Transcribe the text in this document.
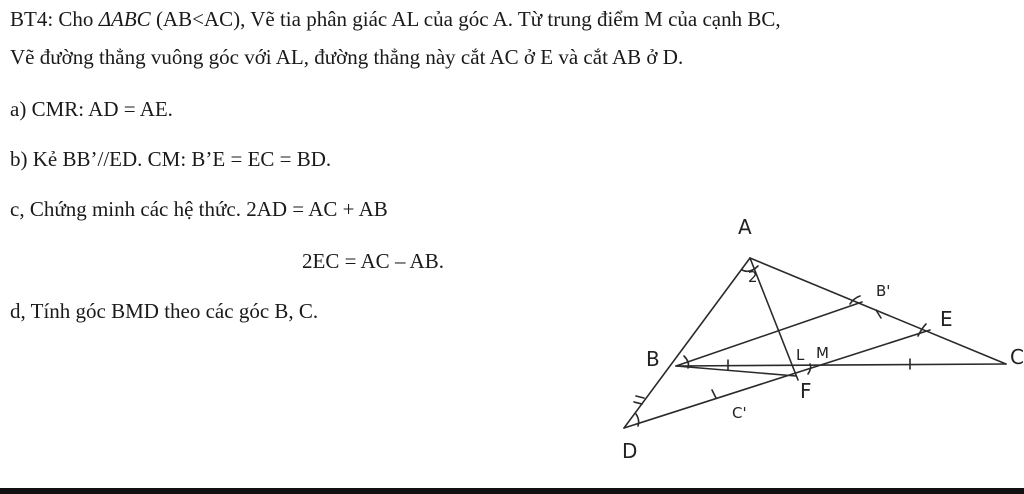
BT4: Cho ΔABC (AB<AC), Vẽ tia phân giác AL của góc A. Từ trung điểm M của cạnh BC,

Vẽ đường thẳng vuông góc với AL, đường thẳng này cắt AC ở E và cắt AB ở D.

a) CMR: AD = AE.

b) Kẻ BB’//ED. CM: B’E = EC = BD.

c, Chứng minh các hệ thức. 2AD = AC + AB

2EC = AC – AB.

d, Tính góc BMD theo các góc B, C.

A
2
B	C
D
E
F
L M
B'
C'
